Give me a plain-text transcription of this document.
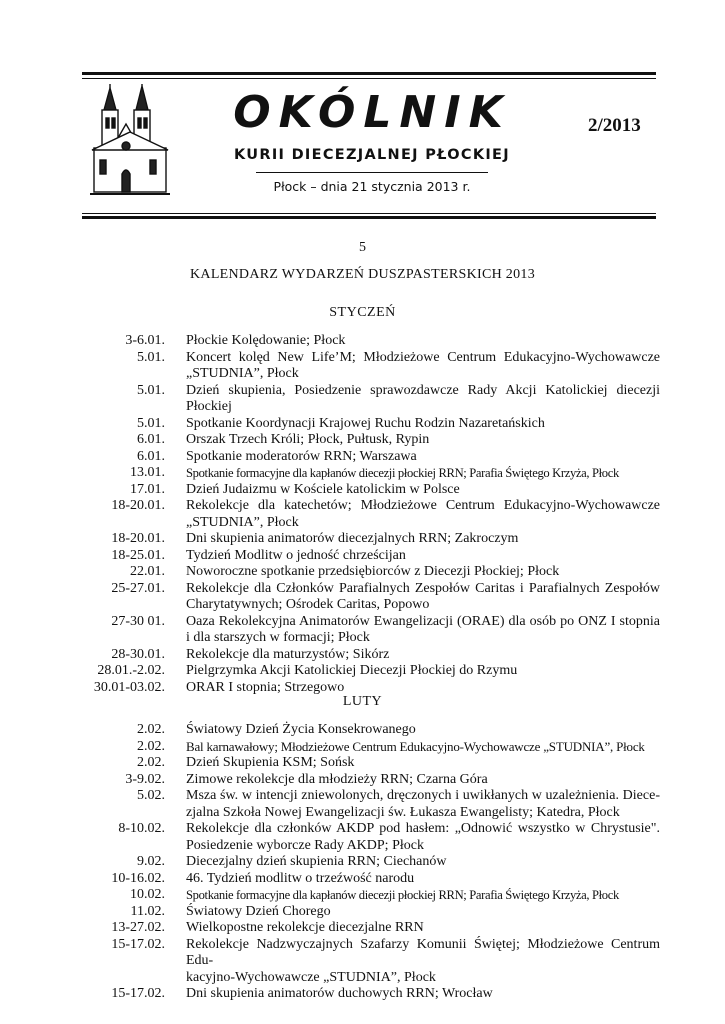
OKÓLNIK
KURII DIECEZJALNEJ PŁOCKIEJ
Płock – dnia 21 stycznia 2013 r.
2/2013
5
KALENDARZ WYDARZEŃ DUSZPASTERSKICH 2013
STYCZEŃ
3-6.01. Płockie Kolędowanie; Płock
5.01. Koncert kolęd New Life’M; Młodzieżowe Centrum Edukacyjno-Wychowawcze
„STUDNIA”, Płock
5.01. Dzień skupienia, Posiedzenie sprawozdawcze Rady Akcji Katolickiej diecezji Płockiej
5.01. Spotkanie Koordynacji Krajowej Ruchu Rodzin Nazaretańskich
6.01. Orszak Trzech Króli; Płock, Pułtusk, Rypin
6.01. Spotkanie moderatorów RRN; Warszawa
13.01. Spotkanie formacyjne dla kapłanów diecezji płockiej RRN; Parafia Świętego Krzyża, Płock
17.01. Dzień Judaizmu w Kościele katolickim w Polsce
18-20.01. Rekolekcje dla katechetów; Młodzieżowe Centrum Edukacyjno-Wychowawcze
„STUDNIA”, Płock
18-20.01. Dni skupienia animatorów diecezjalnych RRN; Zakroczym
18-25.01. Tydzień Modlitw o jedność chrześcijan
22.01. Noworoczne spotkanie przedsiębiorców z Diecezji Płockiej; Płock
25-27.01. Rekolekcje dla Członków Parafialnych Zespołów Caritas i Parafialnych Zespołów
Charytatywnych; Ośrodek Caritas, Popowo
27-30 01. Oaza Rekolekcyjna Animatorów Ewangelizacji (ORAE) dla osób po ONZ I stopnia
i dla starszych w formacji; Płock
28-30.01. Rekolekcje dla maturzystów; Sikórz
28.01.-2.02. Pielgrzymka Akcji Katolickiej Diecezji Płockiej do Rzymu
30.01-03.02. ORAR I stopnia; Strzegowo
LUTY
2.02. Światowy Dzień Życia Konsekrowanego
2.02. Bal karnawałowy; Młodzieżowe Centrum Edukacyjno-Wychowawcze „STUDNIA”, Płock
2.02. Dzień Skupienia KSM; Sońsk
3-9.02. Zimowe rekolekcje dla młodzieży RRN; Czarna Góra
5.02. Msza św. w intencji zniewolonych, dręczonych i uwikłanych w uzależnienia. Diece-
zjalna Szkoła Nowej Ewangelizacji św. Łukasza Ewangelisty; Katedra, Płock
8-10.02. Rekolekcje dla członków AKDP pod hasłem: „Odnowić wszystko w Chrystusie".
Posiedzenie wyborcze Rady AKDP; Płock
9.02. Diecezjalny dzień skupienia RRN; Ciechanów
10-16.02. 46. Tydzień modlitw o trzeźwość narodu
10.02. Spotkanie formacyjne dla kapłanów diecezji płockiej RRN; Parafia Świętego Krzyża, Płock
11.02. Światowy Dzień Chorego
13-27.02. Wielkopostne rekolekcje diecezjalne RRN
15-17.02. Rekolekcje Nadzwyczajnych Szafarzy Komunii Świętej; Młodzieżowe Centrum Edu-
kacyjno-Wychowawcze „STUDNIA”, Płock
15-17.02. Dni skupienia animatorów duchowych RRN; Wrocław
